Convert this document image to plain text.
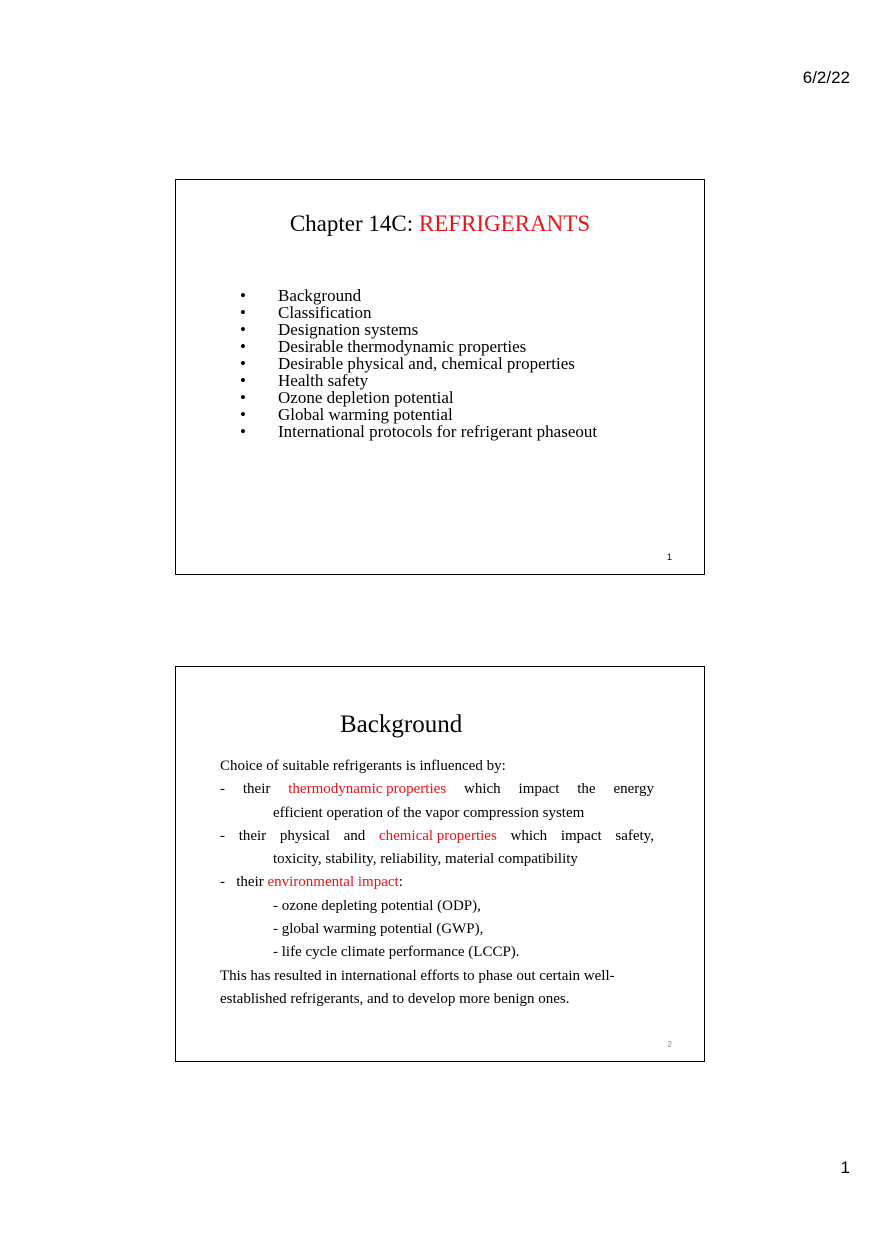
6/2/22
Chapter 14C: REFRIGERANTS
•	Background
•	Classification
•	Designation systems
•	Desirable thermodynamic properties
•	Desirable physical and, chemical properties
•	Health safety
•	Ozone depletion potential
•	Global warming potential
•	International protocols for refrigerant phaseout
1
Background
Choice of suitable refrigerants is influenced by:
- their thermodynamic properties which impact the energy
efficient operation of the vapor compression system
- their physical and chemical properties which impact safety,
toxicity, stability, reliability, material compatibility
-   their environmental impact:
- ozone depleting potential (ODP),
- global warming potential (GWP),
- life cycle climate performance (LCCP).
This has resulted in international efforts to phase out certain well-
established refrigerants, and to develop more benign ones.
2
1
